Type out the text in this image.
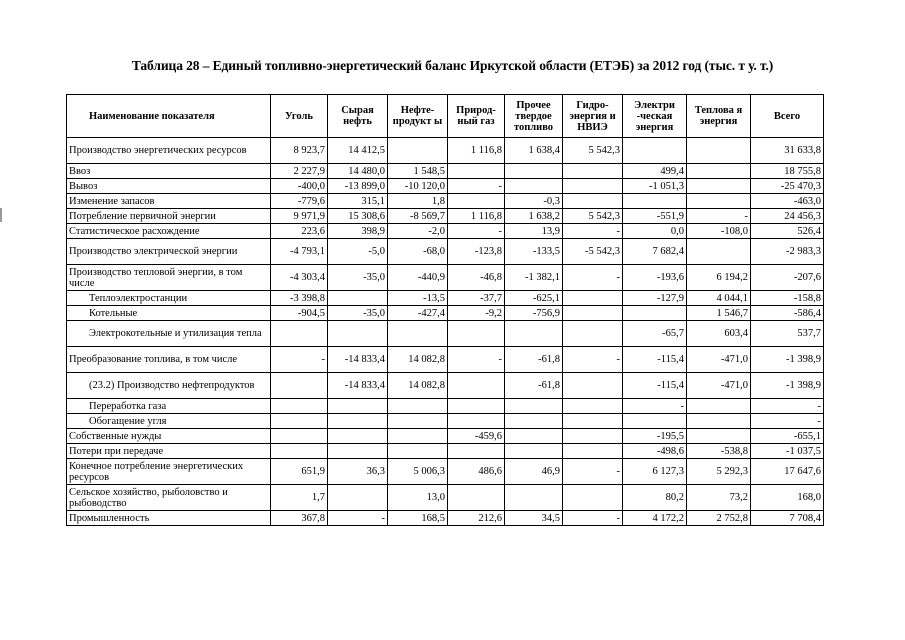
Таблица 28 – Единый топливно-энергетический баланс Иркутской области (ЕТЭБ) за 2012 год (тыс. т у. т.)
Наименование показателя	Уголь	Сырая нефть	Нефте-продукт ы	Природ-ный газ	Прочее твердое топливо	Гидро-энергия и НВИЭ	Электри -ческая энергия	Теплова я энергия	Всего
Производство энергетических ресурсов	8 923,7	14 412,5		1 116,8	1 638,4	5 542,3			31 633,8
Ввоз	2 227,9	14 480,0	1 548,5				499,4		18 755,8
Вывоз	-400,0	-13 899,0	-10 120,0	-			-1 051,3		-25 470,3
Изменение запасов	-779,6	315,1	1,8		-0,3				-463,0
Потребление первичной энергии	9 971,9	15 308,6	-8 569,7	1 116,8	1 638,2	5 542,3	-551,9	-	24 456,3
Статистическое расхождение	223,6	398,9	-2,0	-	13,9	-	0,0	-108,0	526,4
Производство электрической энергии	-4 793,1	-5,0	-68,0	-123,8	-133,5	-5 542,3	7 682,4		-2 983,3
Производство тепловой энергии, в том числе	-4 303,4	-35,0	-440,9	-46,8	-1 382,1	-	-193,6	6 194,2	-207,6
Теплоэлектростанции	-3 398,8		-13,5	-37,7	-625,1		-127,9	4 044,1	-158,8
Котельные	-904,5	-35,0	-427,4	-9,2	-756,9			1 546,7	-586,4
Электрокотельные и утилизация тепла							-65,7	603,4	537,7
Преобразование топлива, в том числе	-	-14 833,4	14 082,8	-	-61,8	-	-115,4	-471,0	-1 398,9
(23.2) Производство нефтепродуктов		-14 833,4	14 082,8		-61,8		-115,4	-471,0	-1 398,9
Переработка газа							-		-
Обогащение угля									-
Собственные нужды				-459,6			-195,5		-655,1
Потери при передаче							-498,6	-538,8	-1 037,5
Конечное потребление энергетических ресурсов	651,9	36,3	5 006,3	486,6	46,9	-	6 127,3	5 292,3	17 647,6
Сельское хозяйство, рыболовство и рыбоводство	1,7		13,0				80,2	73,2	168,0
Промышленность	367,8	-	168,5	212,6	34,5	-	4 172,2	2 752,8	7 708,4
